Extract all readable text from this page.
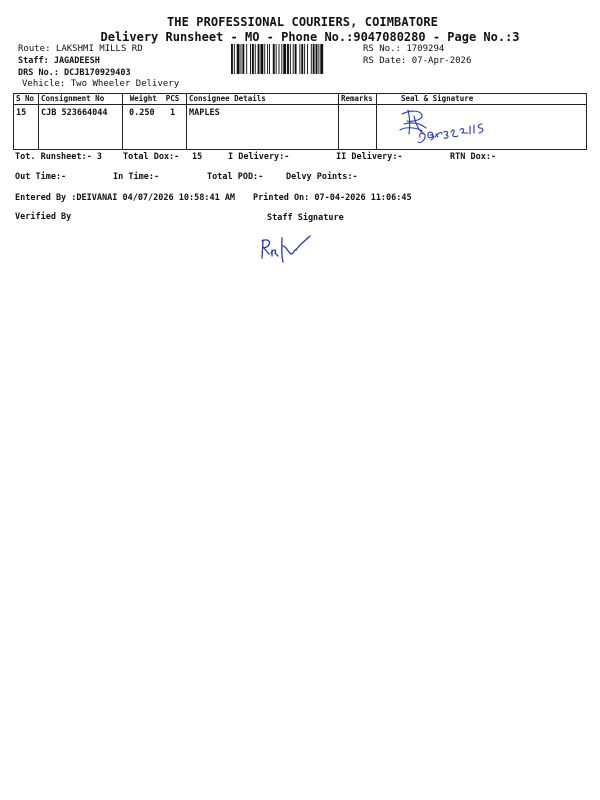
THE PROFESSIONAL COURIERS, COIMBATORE
Delivery Runsheet - MO - Phone No.:9047080280 - Page No.:3
Route: LAKSHMI MILLS RD
Staff: JAGADEESH
DRS No.: DCJB170929403
Vehicle: Two Wheeler Delivery
RS No.: 1709294
RS Date: 07-Apr-2026
S No	Consignment No	Weight PCS	Consignee Details	Remarks	Seal & Signature
15	CJB 523664044	0.250 1	MAPLES		
Tot. Runsheet:- 3 Total Dox:- 15	I Delivery:-	II Delivery:-	RTN Dox:-
Out Time:-	In Time:-	Total POD:-	Delvy Points:-
Entered By :DEIVANAI 04/07/2026 10:58:41 AM Printed On: 07-04-2026 11:06:45
Verified By	Staff Signature
